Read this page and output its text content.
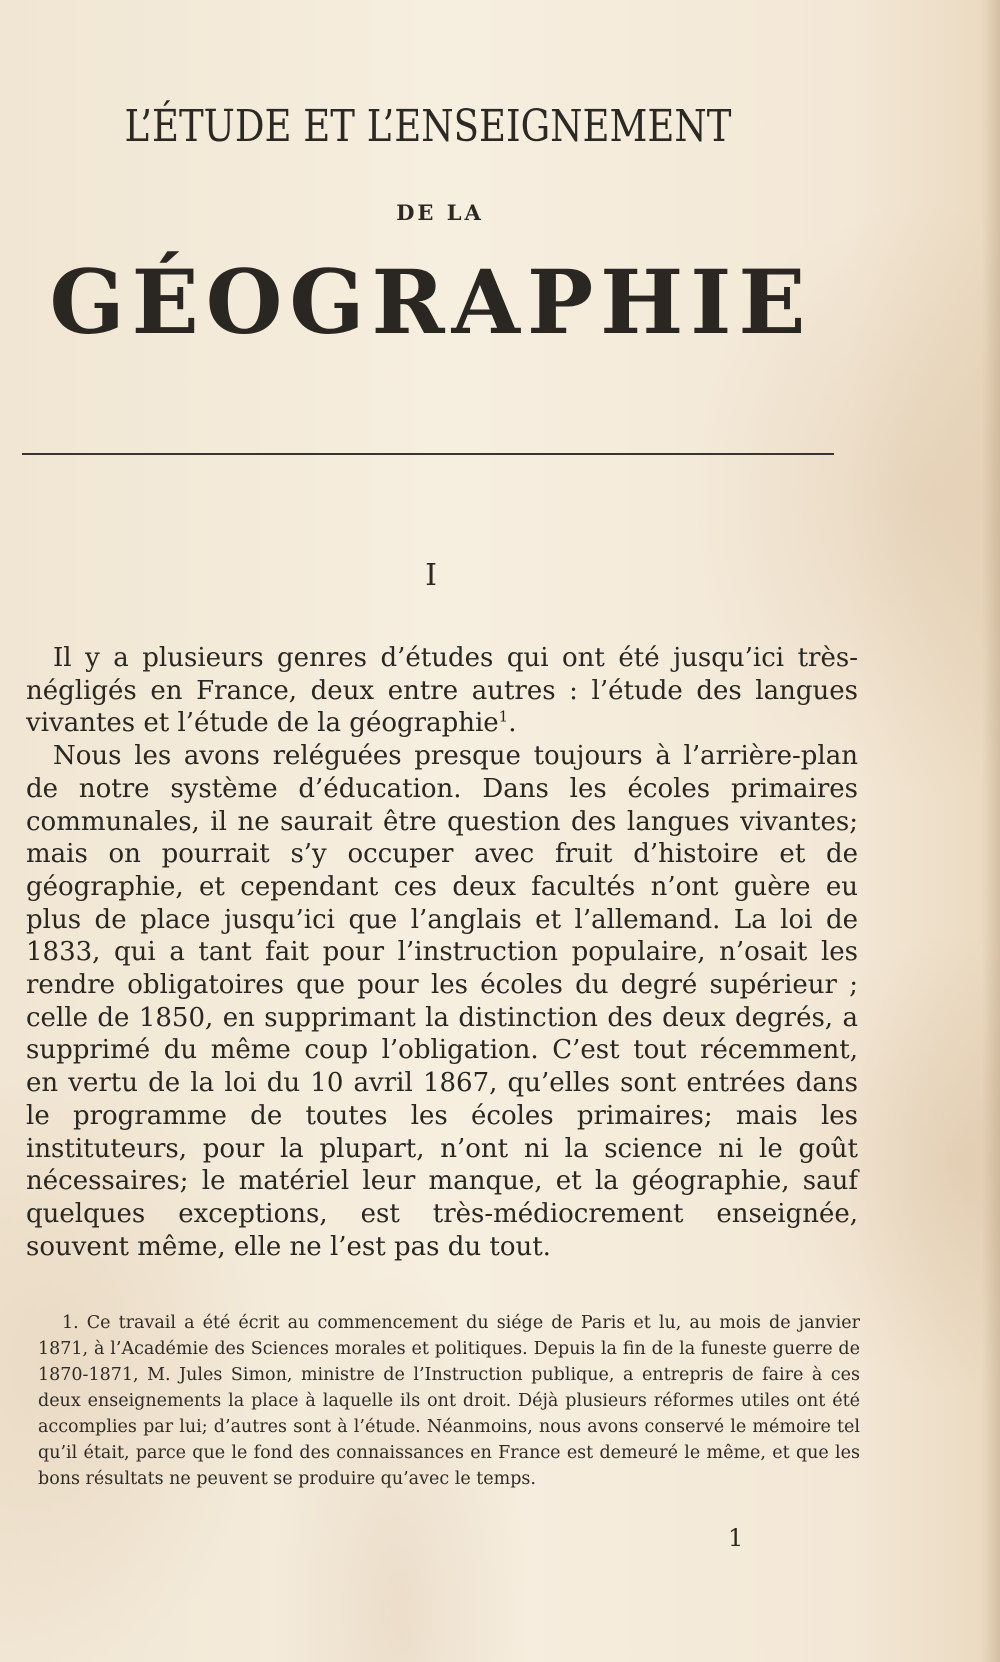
L’ÉTUDE ET L’ENSEIGNEMENT
DE LA
GÉOGRAPHIE
I

Il y a plusieurs genres d’études qui ont été jusqu’ici très-négligés en France, deux entre autres : l’étude des langues vivantes et l’étude de la géographie$^1$.

Nous les avons reléguées presque toujours à l’arrière-plan de notre système d’éducation. Dans les écoles primaires communales, il ne saurait être question des langues vivantes; mais on pourrait s’y occuper avec fruit d’histoire et de géographie, et cependant ces deux facultés n’ont guère eu plus de place jusqu’ici que l’anglais et l’allemand. La loi de 1833, qui a tant fait pour l’instruction populaire, n’osait les rendre obligatoires que pour les écoles du degré supérieur ; celle de 1850, en supprimant la distinction des deux degrés, a supprimé du même coup l’obligation. C’est tout récemment, en vertu de la loi du 10 avril 1867, qu’elles sont entrées dans le programme de toutes les écoles primaires; mais les instituteurs, pour la plupart, n’ont ni la science ni le goût nécessaires; le matériel leur manque, et la géographie, sauf quelques exceptions, est très-médiocrement enseignée, souvent même, elle ne l’est pas du tout.

1. Ce travail a été écrit au commencement du siége de Paris et lu, au mois de janvier 1871, à l’Académie des Sciences morales et politiques. Depuis la fin de la funeste guerre de 1870-1871, M. Jules Simon, ministre de l’Instruction publique, a entrepris de faire à ces deux enseignements la place à laquelle ils ont droit. Déjà plusieurs réformes utiles ont été accomplies par lui; d’autres sont à l’étude. Néanmoins, nous avons conservé le mémoire tel qu’il était, parce que le fond des connaissances en France est demeuré le même, et que les bons résultats ne peuvent se produire qu’avec le temps.
1
